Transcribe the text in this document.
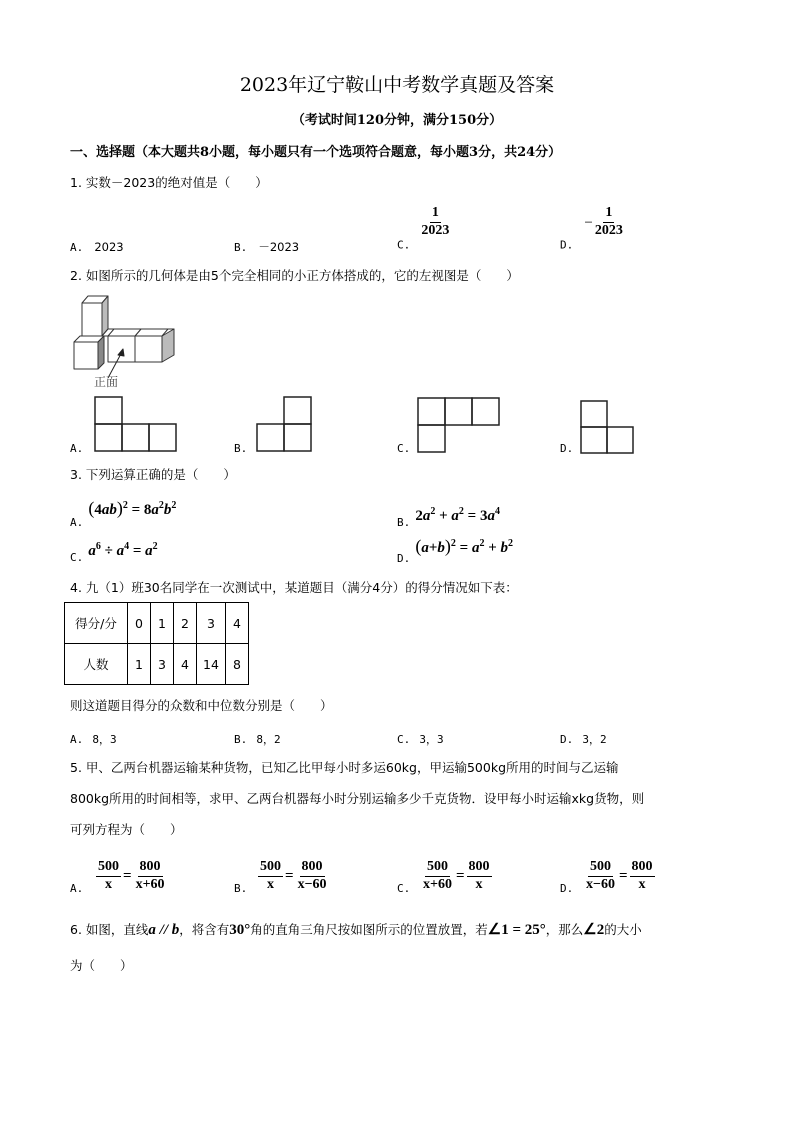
2023年辽宁鞍山中考数学真题及答案
（考试时间120分钟，满分150分）
一、选择题（本大题共8小题，每小题只有一个选项符合题意，每小题3分，共24分）
1. 实数－2023的绝对值是（　　）
A. 2023	B. －2023	$_{C.}$
$\frac{1}{2023}$
$_{D.} - \frac{1}{2023}$
2. 如图所示的几何体是由5个完全相同的小正方体搭成的，它的左视图是（　　）
正面
A.	B.	C.	D.
3. 下列运算正确的是（　　）
$_{A.}$ $(4ab)^2 = 8a^2b^2$
$_{B.}$ $2a^2 + a^2 = 3a^4$
$_{C.}$ $a^6 \div a^4 = a^2$
$_{D.}$ $(a+b)^2 = a^2 + b^2$
4. 九（1）班30名同学在一次测试中，某道题目（满分4分）的得分情况如下表：
得分/分	0	1	2	3	4
人数	1	3	4	14	8
则这道题目得分的众数和中位数分别是（　　）
A. 8，3	B. 8，2	C. 3，3	D. 3，2
5. 甲、乙两台机器运输某种货物，已知乙比甲每小时多运60kg，甲运输500kg所用的时间与乙运输
800kg所用的时间相等，求甲、乙两台机器每小时分别运输多少千克货物．设甲每小时运输xkg货物，则
可列方程为（　　）
A. $\frac{500}{x} = \frac{800}{x+60}$	B. $\frac{500}{x} = \frac{800}{x-60}$	C. $\frac{500}{x+60} = \frac{800}{x}$	D. $\frac{500}{x-60} = \frac{800}{x}$
6. 如图，直线a // b，将含有30°角的直角三角尺按如图所示的位置放置，若∠1 = 25°，那么∠2的大小
为（　　）
